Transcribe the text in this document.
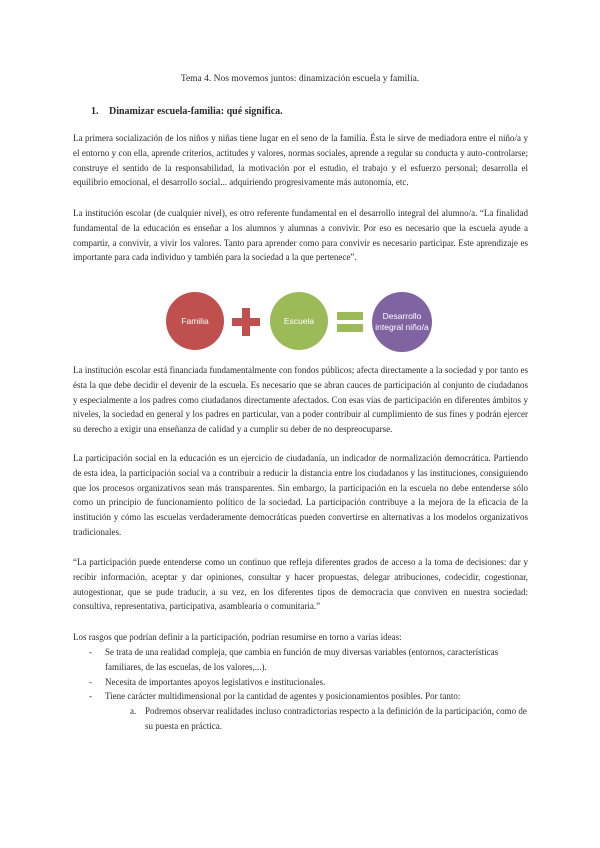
Tema 4. Nos movemos juntos: dinamización escuela y familia.
1. Dinamizar escuela-familia: qué significa.

La primera socialización de los niños y niñas tiene lugar en el seno de la familia. Ésta le sirve de mediadora entre el niño/a y el entorno y con ella, aprende criterios, actitudes y valores, normas sociales, aprende a regular su conducta y auto-controlarse; construye el sentido de la responsabilidad, la motivación por el estudio, el trabajo y el esfuerzo personal; desarrolla el equilibrio emocional, el desarrollo social... adquiriendo progresivamente más autonomía, etc.

La institución escolar (de cualquier nivel), es otro referente fundamental en el desarrollo integral del alumno/a. “La finalidad fundamental de la educación es enseñar a los alumnos y alumnas a convivir. Por eso es necesario que la escuela ayude a compartir, a convivir, a vivir los valores. Tanto para aprender como para convivir es necesario participar. Este aprendizaje es importante para cada individuo y también para la sociedad a la que pertenece”.

Familia	Escuela	Desarrollo integral niño/a

La institución escolar está financiada fundamentalmente con fondos públicos; afecta directamente a la sociedad y por tanto es ésta la que debe decidir el devenir de la escuela. Es necesario que se abran cauces de participación al conjunto de ciudadanos y especialmente a los padres como ciudadanos directamente afectados. Con esas vías de participación en diferentes ámbitos y niveles, la sociedad en general y los padres en particular, van a poder contribuir al cumplimiento de sus fines y podrán ejercer su derecho a exigir una enseñanza de calidad y a cumplir su deber de no despreocuparse.

La participación social en la educación es un ejercicio de ciudadanía, un indicador de normalización democrática. Partiendo de esta idea, la participación social va a contribuir a reducir la distancia entre los ciudadanos y las instituciones, consiguiendo que los procesos organizativos sean más transparentes. Sin embargo, la participación en la escuela no debe entenderse sólo como un principio de funcionamiento político de la sociedad. La participación contribuye a la mejora de la eficacia de la institución y cómo las escuelas verdaderamente democráticas pueden convertirse en alternativas a los modelos organizativos tradicionales.

“La participación puede entenderse como un continuo que refleja diferentes grados de acceso a la toma de decisiones: dar y recibir información, aceptar y dar opiniones, consultar y hacer propuestas, delegar atribuciones, codecidir, cogestionar, autogestionar, que se pude traducir, a su vez, en los diferentes tipos de democracia que conviven en nuestra sociedad: consultiva, representativa, participativa, asamblearia o comunitaria.”

Los rasgos que podrían definir a la participación, podrían resumirse en torno a varias ideas:

- Se trata de una realidad compleja, que cambia en función de muy diversas variables (entornos, características familiares, de las escuelas, de los valores,...).
- Necesita de importantes apoyos legislativos e institucionales.
- Tiene carácter multidimensional por la cantidad de agentes y posicionamientos posibles. Por tanto:
a. Podremos observar realidades incluso contradictorias respecto a la definición de la participación, como de su puesta en práctica.
